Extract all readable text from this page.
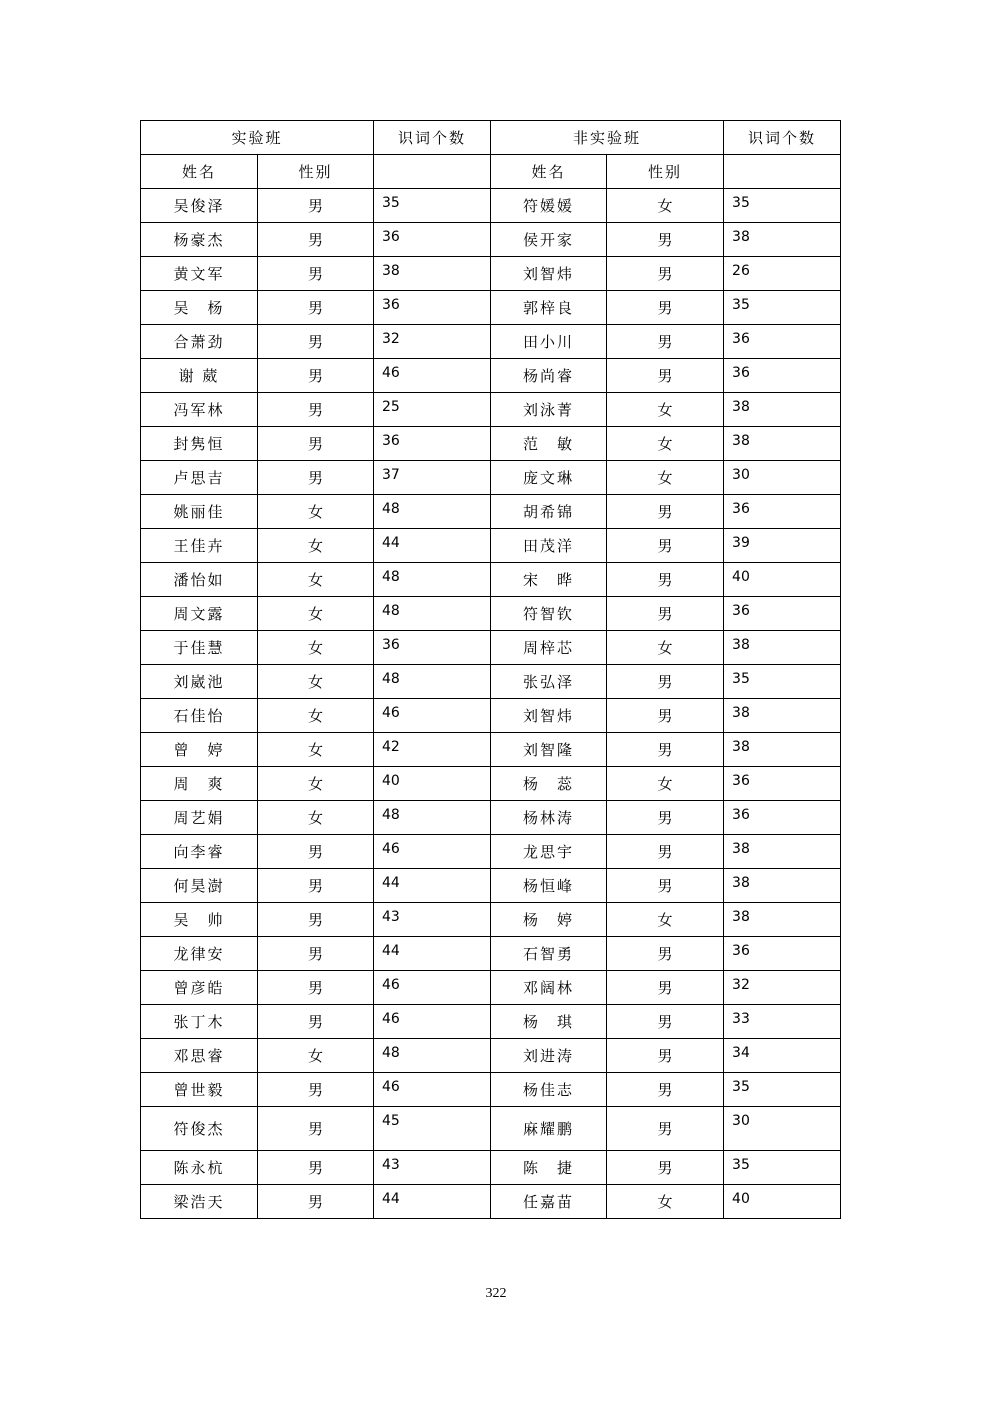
实验班		识词个数	非实验班		识词个数
姓名	性别		姓名	性别	
吴俊泽	男	35	符媛媛	女	35
杨豪杰	男	36	侯开家	男	38
黄文军	男	38	刘智炜	男	26
吴　杨	男	36	郭梓良	男	35
合萧劲	男	32	田小川	男	36
谢 葳	男	46	杨尚睿	男	36
冯军林	男	25	刘泳菁	女	38
封隽恒	男	36	范　敏	女	38
卢思吉	男	37	庞文琳	女	30
姚丽佳	女	48	胡希锦	男	36
王佳卉	女	44	田茂洋	男	39
潘怡如	女	48	宋　晔	男	40
周文露	女	48	符智钦	男	36
于佳慧	女	36	周梓芯	女	38
刘崴池	女	48	张弘泽	男	35
石佳怡	女	46	刘智炜	男	38
曾　婷	女	42	刘智隆	男	38
周　爽	女	40	杨　蕊	女	36
周艺娟	女	48	杨林涛	男	36
向李睿	男	46	龙思宇	男	38
何昊澍	男	44	杨恒峰	男	38
吴　帅	男	43	杨　婷	女	38
龙律安	男	44	石智勇	男	36
曾彦皓	男	46	邓阔林	男	32
张丁木	男	46	杨　琪	男	33
邓思睿	女	48	刘进涛	男	34
曾世毅	男	46	杨佳志	男	35
符俊杰	男	45	麻耀鹏	男	30
陈永杭	男	43	陈　捷	男	35
梁浩天	男	44	任嘉苗	女	40
322
